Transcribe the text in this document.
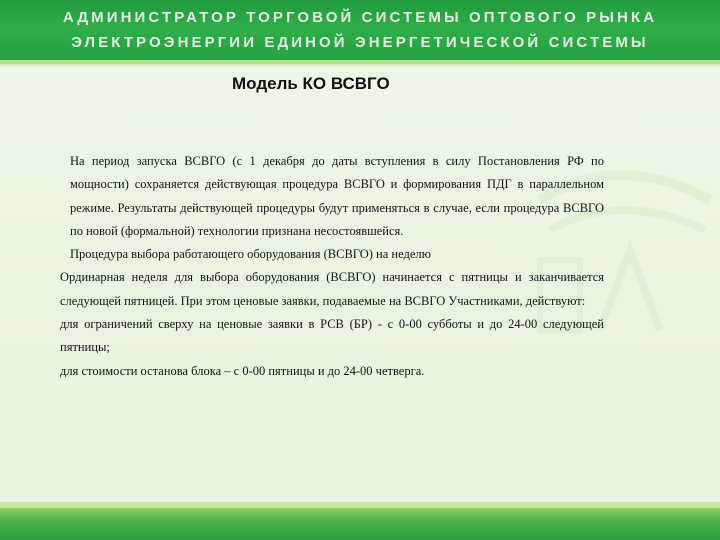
АДМИНИСТРАТОР ТОРГОВОЙ СИСТЕМЫ ОПТОВОГО РЫНКА
ЭЛЕКТРОЭНЕРГИИ ЕДИНОЙ ЭНЕРГЕТИЧЕСКОЙ СИСТЕМЫ
Модель КО ВСВГО

На период запуска ВСВГО (с 1 декабря до даты вступления в силу Постановления РФ по мощности) сохраняется действующая процедура ВСВГО и формирования ПДГ в параллельном режиме. Результаты действующей процедуры будут применяться в случае, если процедура ВСВГО по новой (формальной) технологии признана несостоявшейся.

Процедура выбора работающего оборудования (ВСВГО) на неделю

Ординарная неделя для выбора оборудования (ВСВГО) начинается с пятницы и заканчивается следующей пятницей. При этом ценовые заявки, подаваемые на ВСВГО Участниками, действуют:

для ограничений сверху на ценовые заявки в РСВ (БР) - с 0-00 субботы и до 24-00 следующей пятницы;

для стоимости останова блока – с 0-00 пятницы и до 24-00 четверга.
